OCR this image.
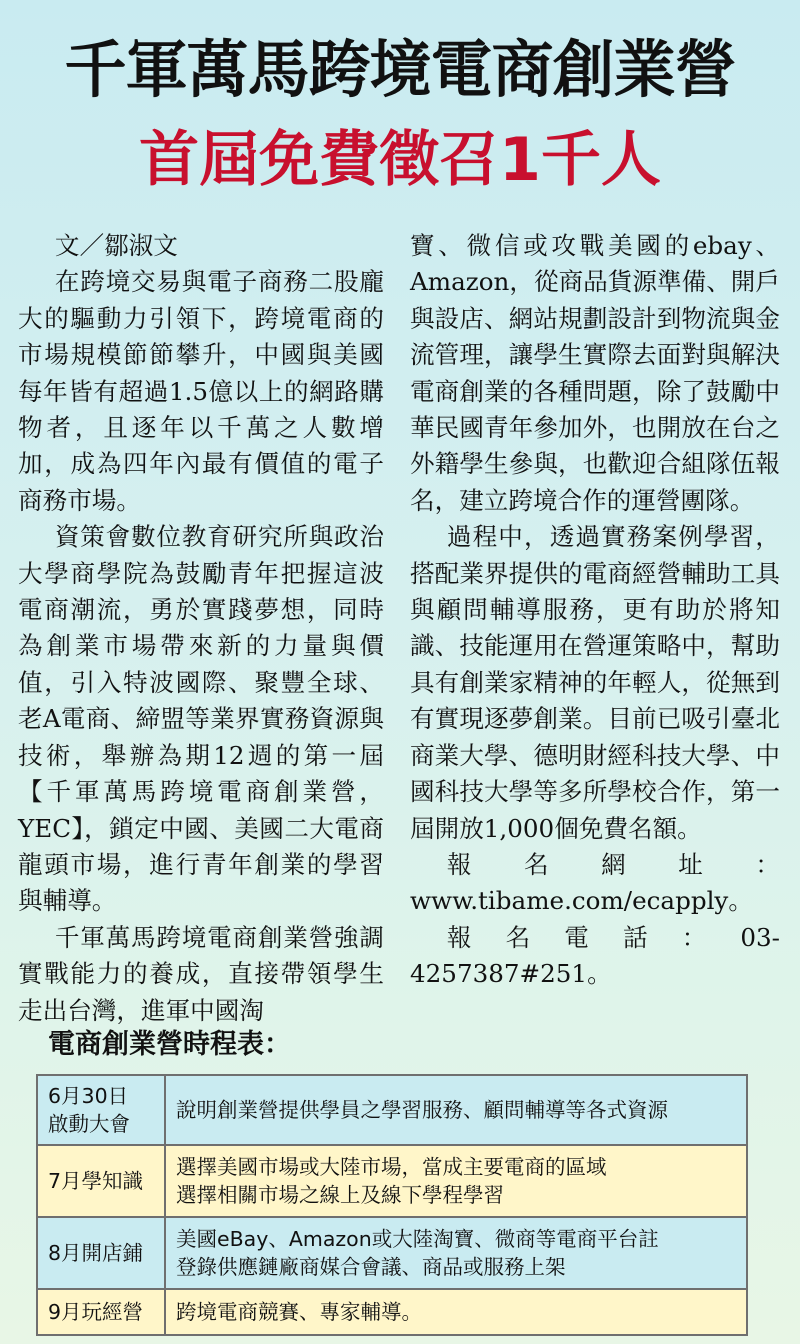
千軍萬馬跨境電商創業營
首屆免費徵召1千人
文／鄒淑文

在跨境交易與電子商務二股龐大的驅動力引領下，跨境電商的市場規模節節攀升，中國與美國每年皆有超過1.5億以上的網路購物者，且逐年以千萬之人數增加，成為四年內最有價值的電子商務市場。

資策會數位教育研究所與政治大學商學院為鼓勵青年把握這波電商潮流，勇於實踐夢想，同時為創業市場帶來新的力量與價值，引入特波國際、聚豐全球、老A電商、締盟等業界實務資源與技術，舉辦為期12週的第一屆【千軍萬馬跨境電商創業營，YEC】，鎖定中國、美國二大電商龍頭市場，進行青年創業的學習與輔導。

千軍萬馬跨境電商創業營強調實戰能力的養成，直接帶領學生走出台灣，進軍中國淘

寶、微信或攻戰美國的ebay、Amazon，從商品貨源準備、開戶與設店、網站規劃設計到物流與金流管理，讓學生實際去面對與解決電商創業的各種問題，除了鼓勵中華民國青年參加外，也開放在台之外籍學生參與，也歡迎合組隊伍報名，建立跨境合作的運營團隊。

過程中，透過實務案例學習，搭配業界提供的電商經營輔助工具與顧問輔導服務，更有助於將知識、技能運用在營運策略中，幫助具有創業家精神的年輕人，從無到有實現逐夢創業。目前已吸引臺北商業大學、德明財經科技大學、中國科技大學等多所學校合作，第一屆開放1,000個免費名額。

報名網址：www.tibame.com/ecapply。

報名電話：03-4257387#251。

電商創業營時程表：
6月30日
啟動大會	說明創業營提供學員之學習服務、顧問輔導等各式資源

7月學知識	選擇美國市場或大陸市場，當成主要電商的區域
選擇相關市場之線上及線下學程學習

8月開店鋪	美國eBay、Amazon或大陸淘寶、微商等電商平台註
登錄供應鏈廠商媒合會議、商品或服務上架

9月玩經營	跨境電商競賽、專家輔導。
